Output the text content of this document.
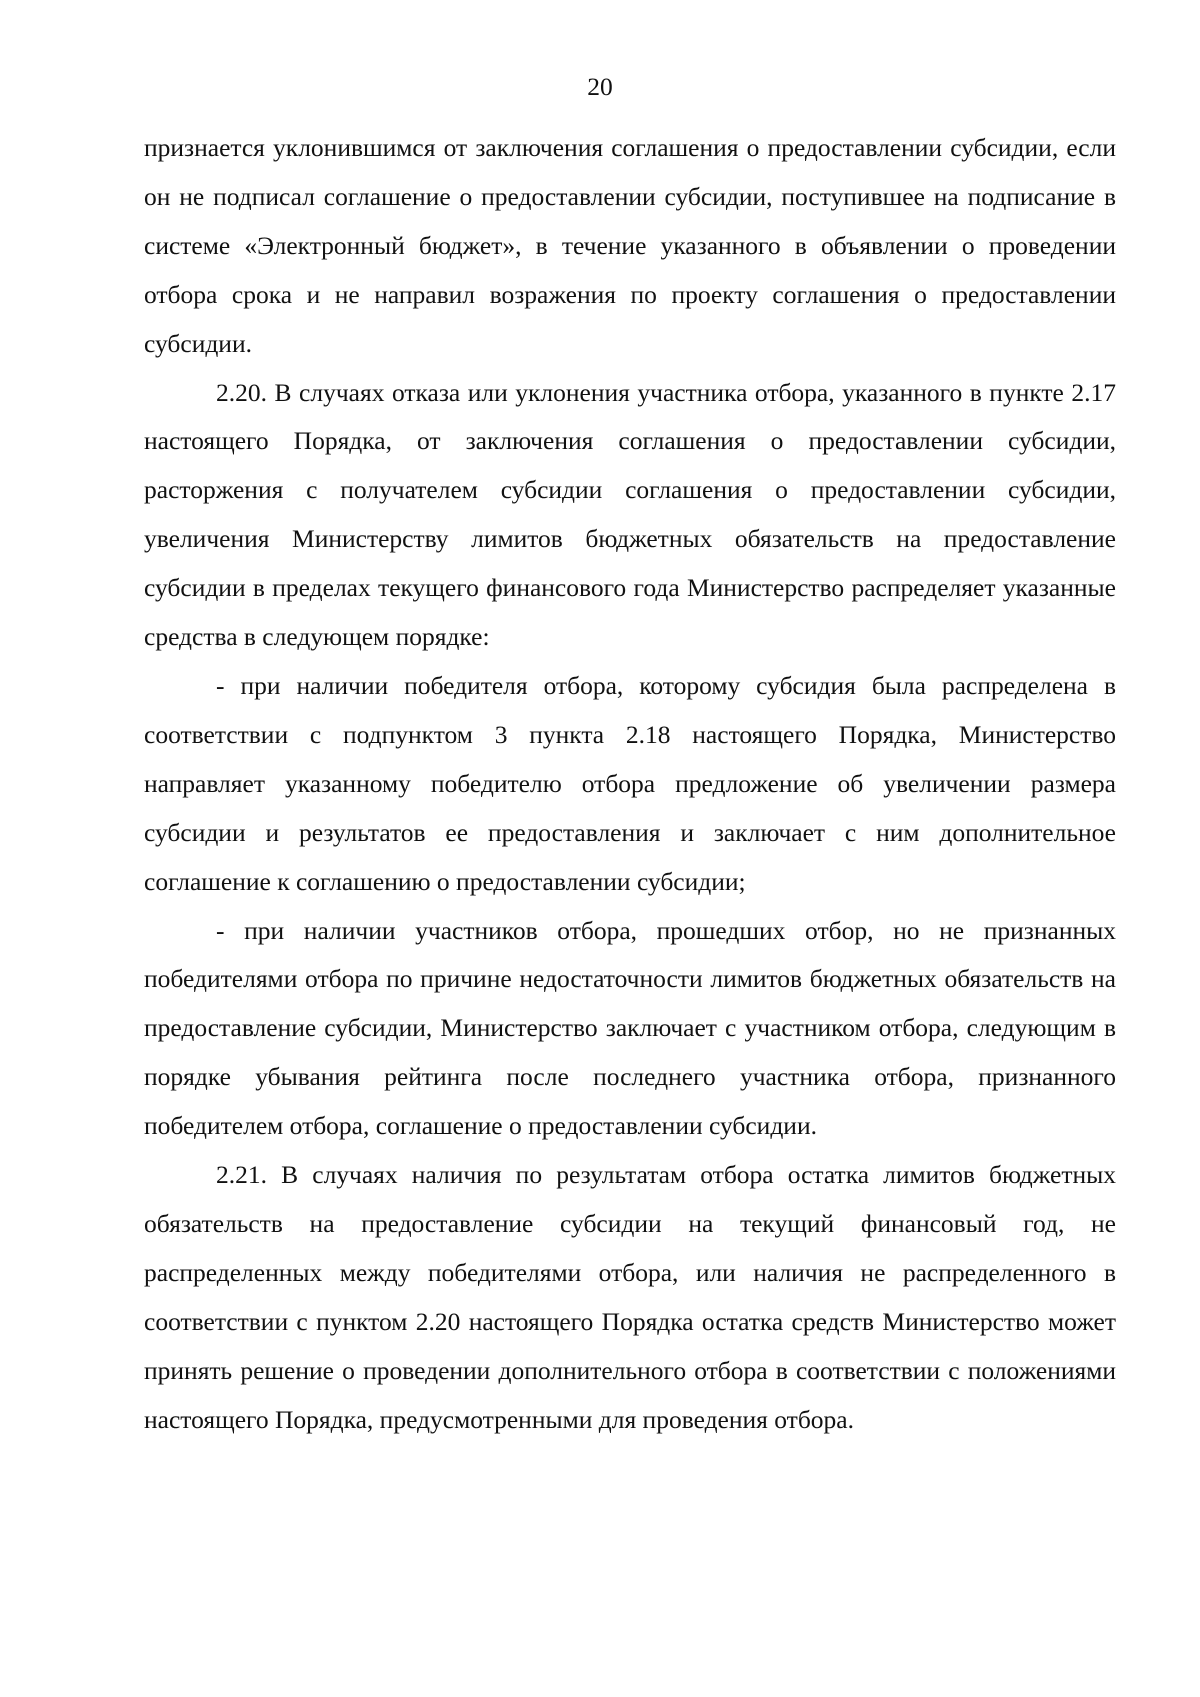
20

признается уклонившимся от заключения соглашения о предоставлении субсидии, если он не подписал соглашение о предоставлении субсидии, поступившее на подписание в системе «Электронный бюджет», в течение указанного в объявлении о проведении отбора срока и не направил возражения по проекту соглашения о предоставлении субсидии.

2.20. В случаях отказа или уклонения участника отбора, указанного в пункте 2.17 настоящего Порядка, от заключения соглашения о предоставлении субсидии, расторжения с получателем субсидии соглашения о предоставлении субсидии, увеличения Министерству лимитов бюджетных обязательств на предоставление субсидии в пределах текущего финансового года Министерство распределяет указанные средства в следующем порядке:

- при наличии победителя отбора, которому субсидия была распределена в соответствии с подпунктом 3 пункта 2.18 настоящего Порядка, Министерство направляет указанному победителю отбора предложение об увеличении размера субсидии и результатов ее предоставления и заключает с ним дополнительное соглашение к соглашению о предоставлении субсидии;

- при наличии участников отбора, прошедших отбор, но не признанных победителями отбора по причине недостаточности лимитов бюджетных обязательств на предоставление субсидии, Министерство заключает с участником отбора, следующим в порядке убывания рейтинга после последнего участника отбора, признанного победителем отбора, соглашение о предоставлении субсидии.

2.21. В случаях наличия по результатам отбора остатка лимитов бюджетных обязательств на предоставление субсидии на текущий финансовый год, не распределенных между победителями отбора, или наличия не распределенного в соответствии с пунктом 2.20 настоящего Порядка остатка средств Министерство может принять решение о проведении дополнительного отбора в соответствии с положениями настоящего Порядка, предусмотренными для проведения отбора.
